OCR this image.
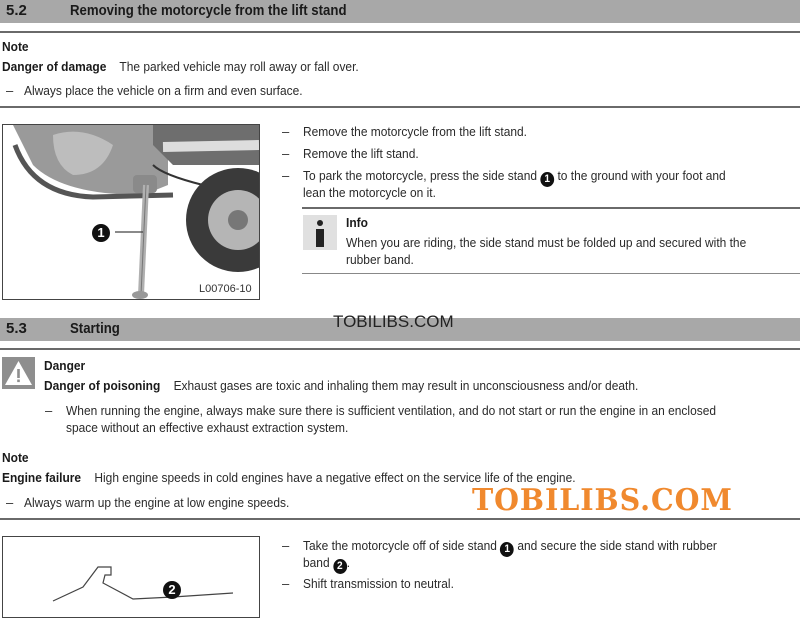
5.2	Removing the motorcycle from the lift stand
Note
Danger of damage The parked vehicle may roll away or fall over.
– Always place the vehicle on a firm and even surface.
1
L00706-10
– Remove the motorcycle from the lift stand.
– Remove the lift stand.
– To park the motorcycle, press the side stand 1 to the ground with your foot and
lean the motorcycle on it.
Info
When you are riding, the side stand must be folded up and secured with the
rubber band.
5.3	Starting	TOBILIBS.COM
Danger
Danger of poisoning Exhaust gases are toxic and inhaling them may result in unconsciousness and/or death.
– When running the engine, always make sure there is sufficient ventilation, and do not start or run the engine in an enclosed
space without an effective exhaust extraction system.
Note
Engine failure High engine speeds in cold engines have a negative effect on the service life of the engine.
– Always warm up the engine at low engine speeds.	TOBILIBS.COM
2
– Take the motorcycle off of side stand 1 and secure the side stand with rubber
band 2 .
– Shift transmission to neutral.
